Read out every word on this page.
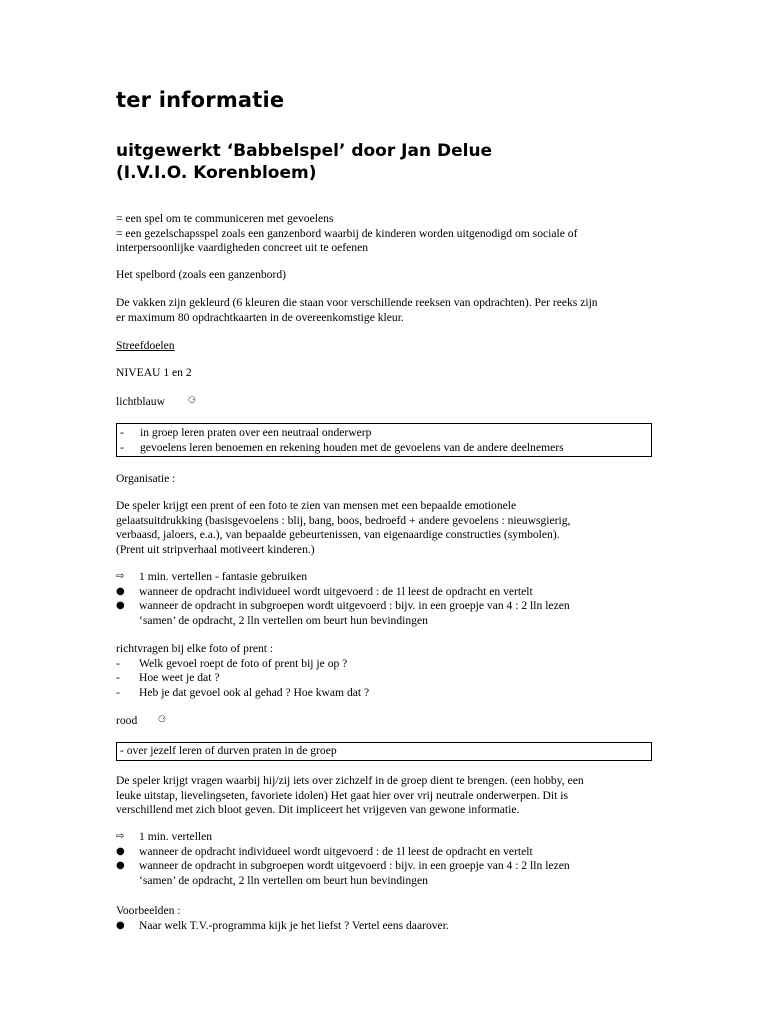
ter informatie
uitgewerkt ‘Babbelspel’ door Jan Delue
(I.V.I.O. Korenbloem)
= een spel om te communiceren met gevoelens
= een gezelschapsspel zoals een ganzenbord waarbij de kinderen worden uitgenodigd om sociale of
interpersoonlijke vaardigheden concreet uit te oefenen
Het spelbord (zoals een ganzenbord)
De vakken zijn gekleurd (6 kleuren die staan voor verschillende reeksen van opdrachten). Per reeks zijn
er maximum 80 opdrachtkaarten in de overeenkomstige kleur.
Streefdoelen
NIVEAU 1 en 2
lichtblauw	⚆
- in groep leren praten over een neutraal onderwerp
- gevoelens leren benoemen en rekening houden met de gevoelens van de andere deelnemers
Organisatie :
De speler krijgt een prent of een foto te zien van mensen met een bepaalde emotionele
gelaatsuitdrukking (basisgevoelens : blij, bang, boos, bedroefd + andere gevoelens : nieuwsgierig,
verbaasd, jaloers, e.a.), van bepaalde gebeurtenissen, van eigenaardige constructies (symbolen).
(Prent uit stripverhaal motiveert kinderen.)
⇨ 1 min. vertellen - fantasie gebruiken
● wanneer de opdracht individueel wordt uitgevoerd : de 1l leest de opdracht en vertelt
● wanneer de opdracht in subgroepen wordt uitgevoerd : bijv. in een groepje van 4 : 2 lln lezen
‘samen’ de opdracht, 2 lln vertellen om beurt hun bevindingen
richtvragen bij elke foto of prent :
- Welk gevoel roept de foto of prent bij je op ?
- Hoe weet je dat ?
- Heb je dat gevoel ook al gehad ? Hoe kwam dat ?
rood ⚆
- over jezelf leren of durven praten in de groep
De speler krijgt vragen waarbij hij/zij iets over zichzelf in de groep dient te brengen. (een hobby, een
leuke uitstap, lievelingseten, favoriete idolen) Het gaat hier over vrij neutrale onderwerpen. Dit is
verschillend met zich bloot geven. Dit impliceert het vrijgeven van gewone informatie.
⇨ 1 min. vertellen
● wanneer de opdracht individueel wordt uitgevoerd : de 1l leest de opdracht en vertelt
● wanneer de opdracht in subgroepen wordt uitgevoerd : bijv. in een groepje van 4 : 2 lln lezen
‘samen’ de opdracht, 2 lln vertellen om beurt hun bevindingen
Voorbeelden :
● Naar welk T.V.-programma kijk je het liefst ? Vertel eens daarover.
